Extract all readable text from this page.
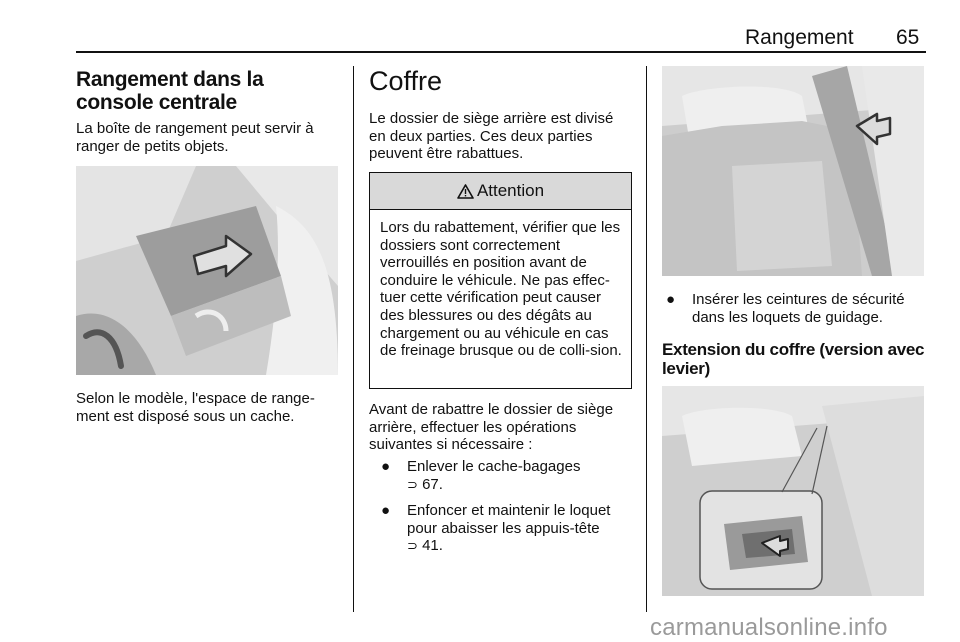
Rangement 65
Rangement dans la console centrale
La boîte de rangement peut servir à ranger de petits objets.
Selon le modèle, l'espace de range-ment est disposé sous un cache.
Coffre
Le dossier de siège arrière est divisé en deux parties. Ces deux parties peuvent être rabattues.
Attention
Lors du rabattement, vérifier que les dossiers sont correctement verrouillés en position avant de conduire le véhicule. Ne pas effec-tuer cette vérification peut causer des blessures ou des dégâts au chargement ou au véhicule en cas de freinage brusque ou de colli-sion.
Avant de rabattre le dossier de siège arrière, effectuer les opérations suivantes si nécessaire :
●	Enlever le cache-bagages
⊃ 67.
●	Enfoncer et maintenir le loquet pour abaisser les appuis-tête
⊃ 41.
●	Insérer les ceintures de sécurité dans les loquets de guidage.
Extension du coffre (version avec levier)
carmanualsonline.info
